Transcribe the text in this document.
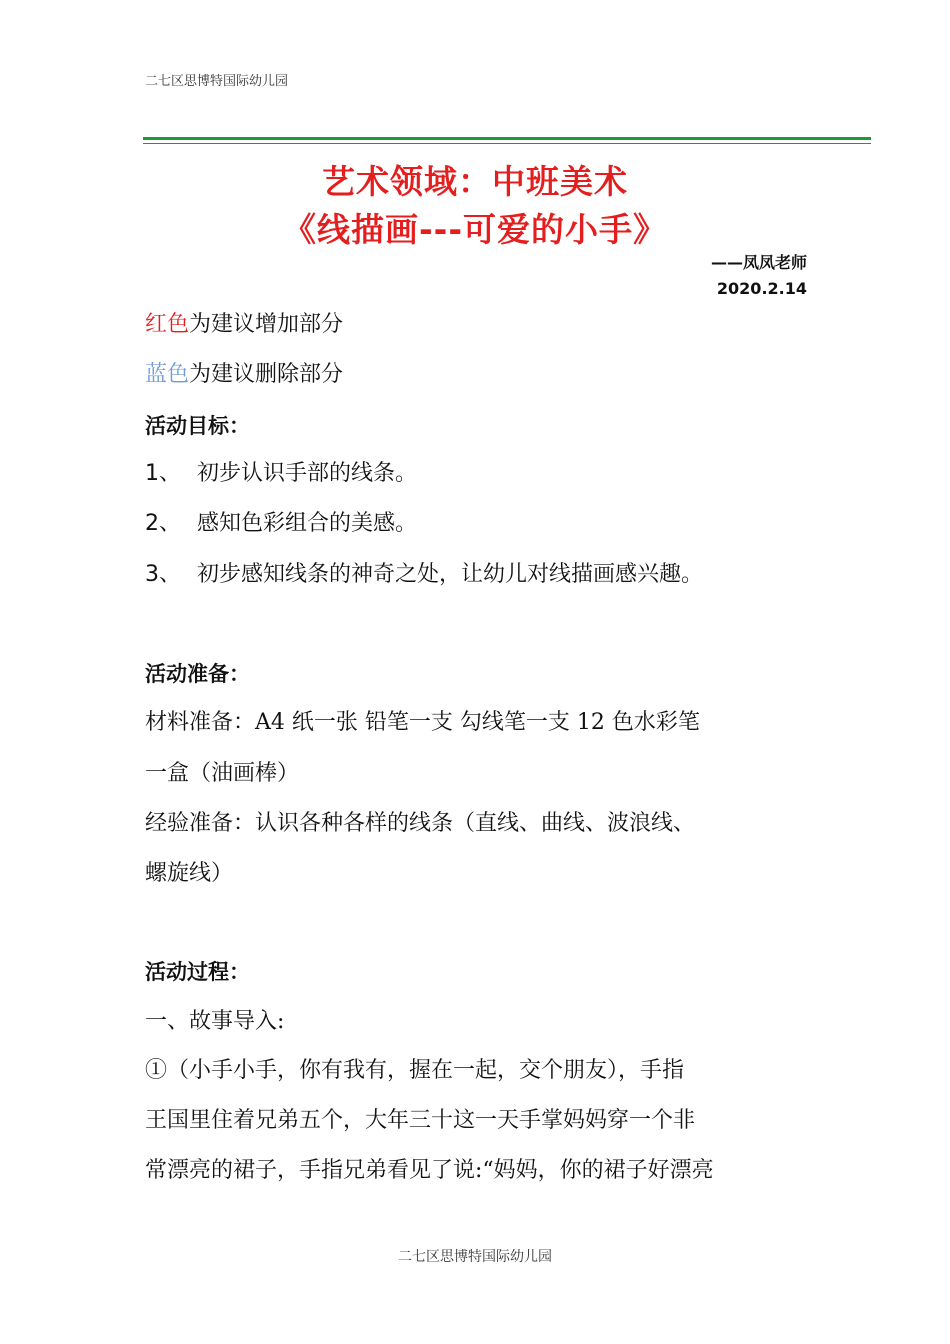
二七区思博特国际幼儿园
艺术领域：中班美术
《线描画---可爱的小手》
——凤凤老师
2020.2.14
红色为建议增加部分
蓝色为建议删除部分
活动目标：
1、 初步认识手部的线条。
2、 感知色彩组合的美感。
3、 初步感知线条的神奇之处，让幼儿对线描画感兴趣。
活动准备：
材料准备：A4 纸一张 铅笔一支 勾线笔一支 12 色水彩笔
一盒（油画棒）
经验准备：认识各种各样的线条（直线、曲线、波浪线、
螺旋线）
活动过程：
一、故事导入:
①（小手小手，你有我有，握在一起，交个朋友），手指
王国里住着兄弟五个，大年三十这一天手掌妈妈穿一个非
常漂亮的裙子，手指兄弟看见了说:“妈妈，你的裙子好漂亮
二七区思博特国际幼儿园
